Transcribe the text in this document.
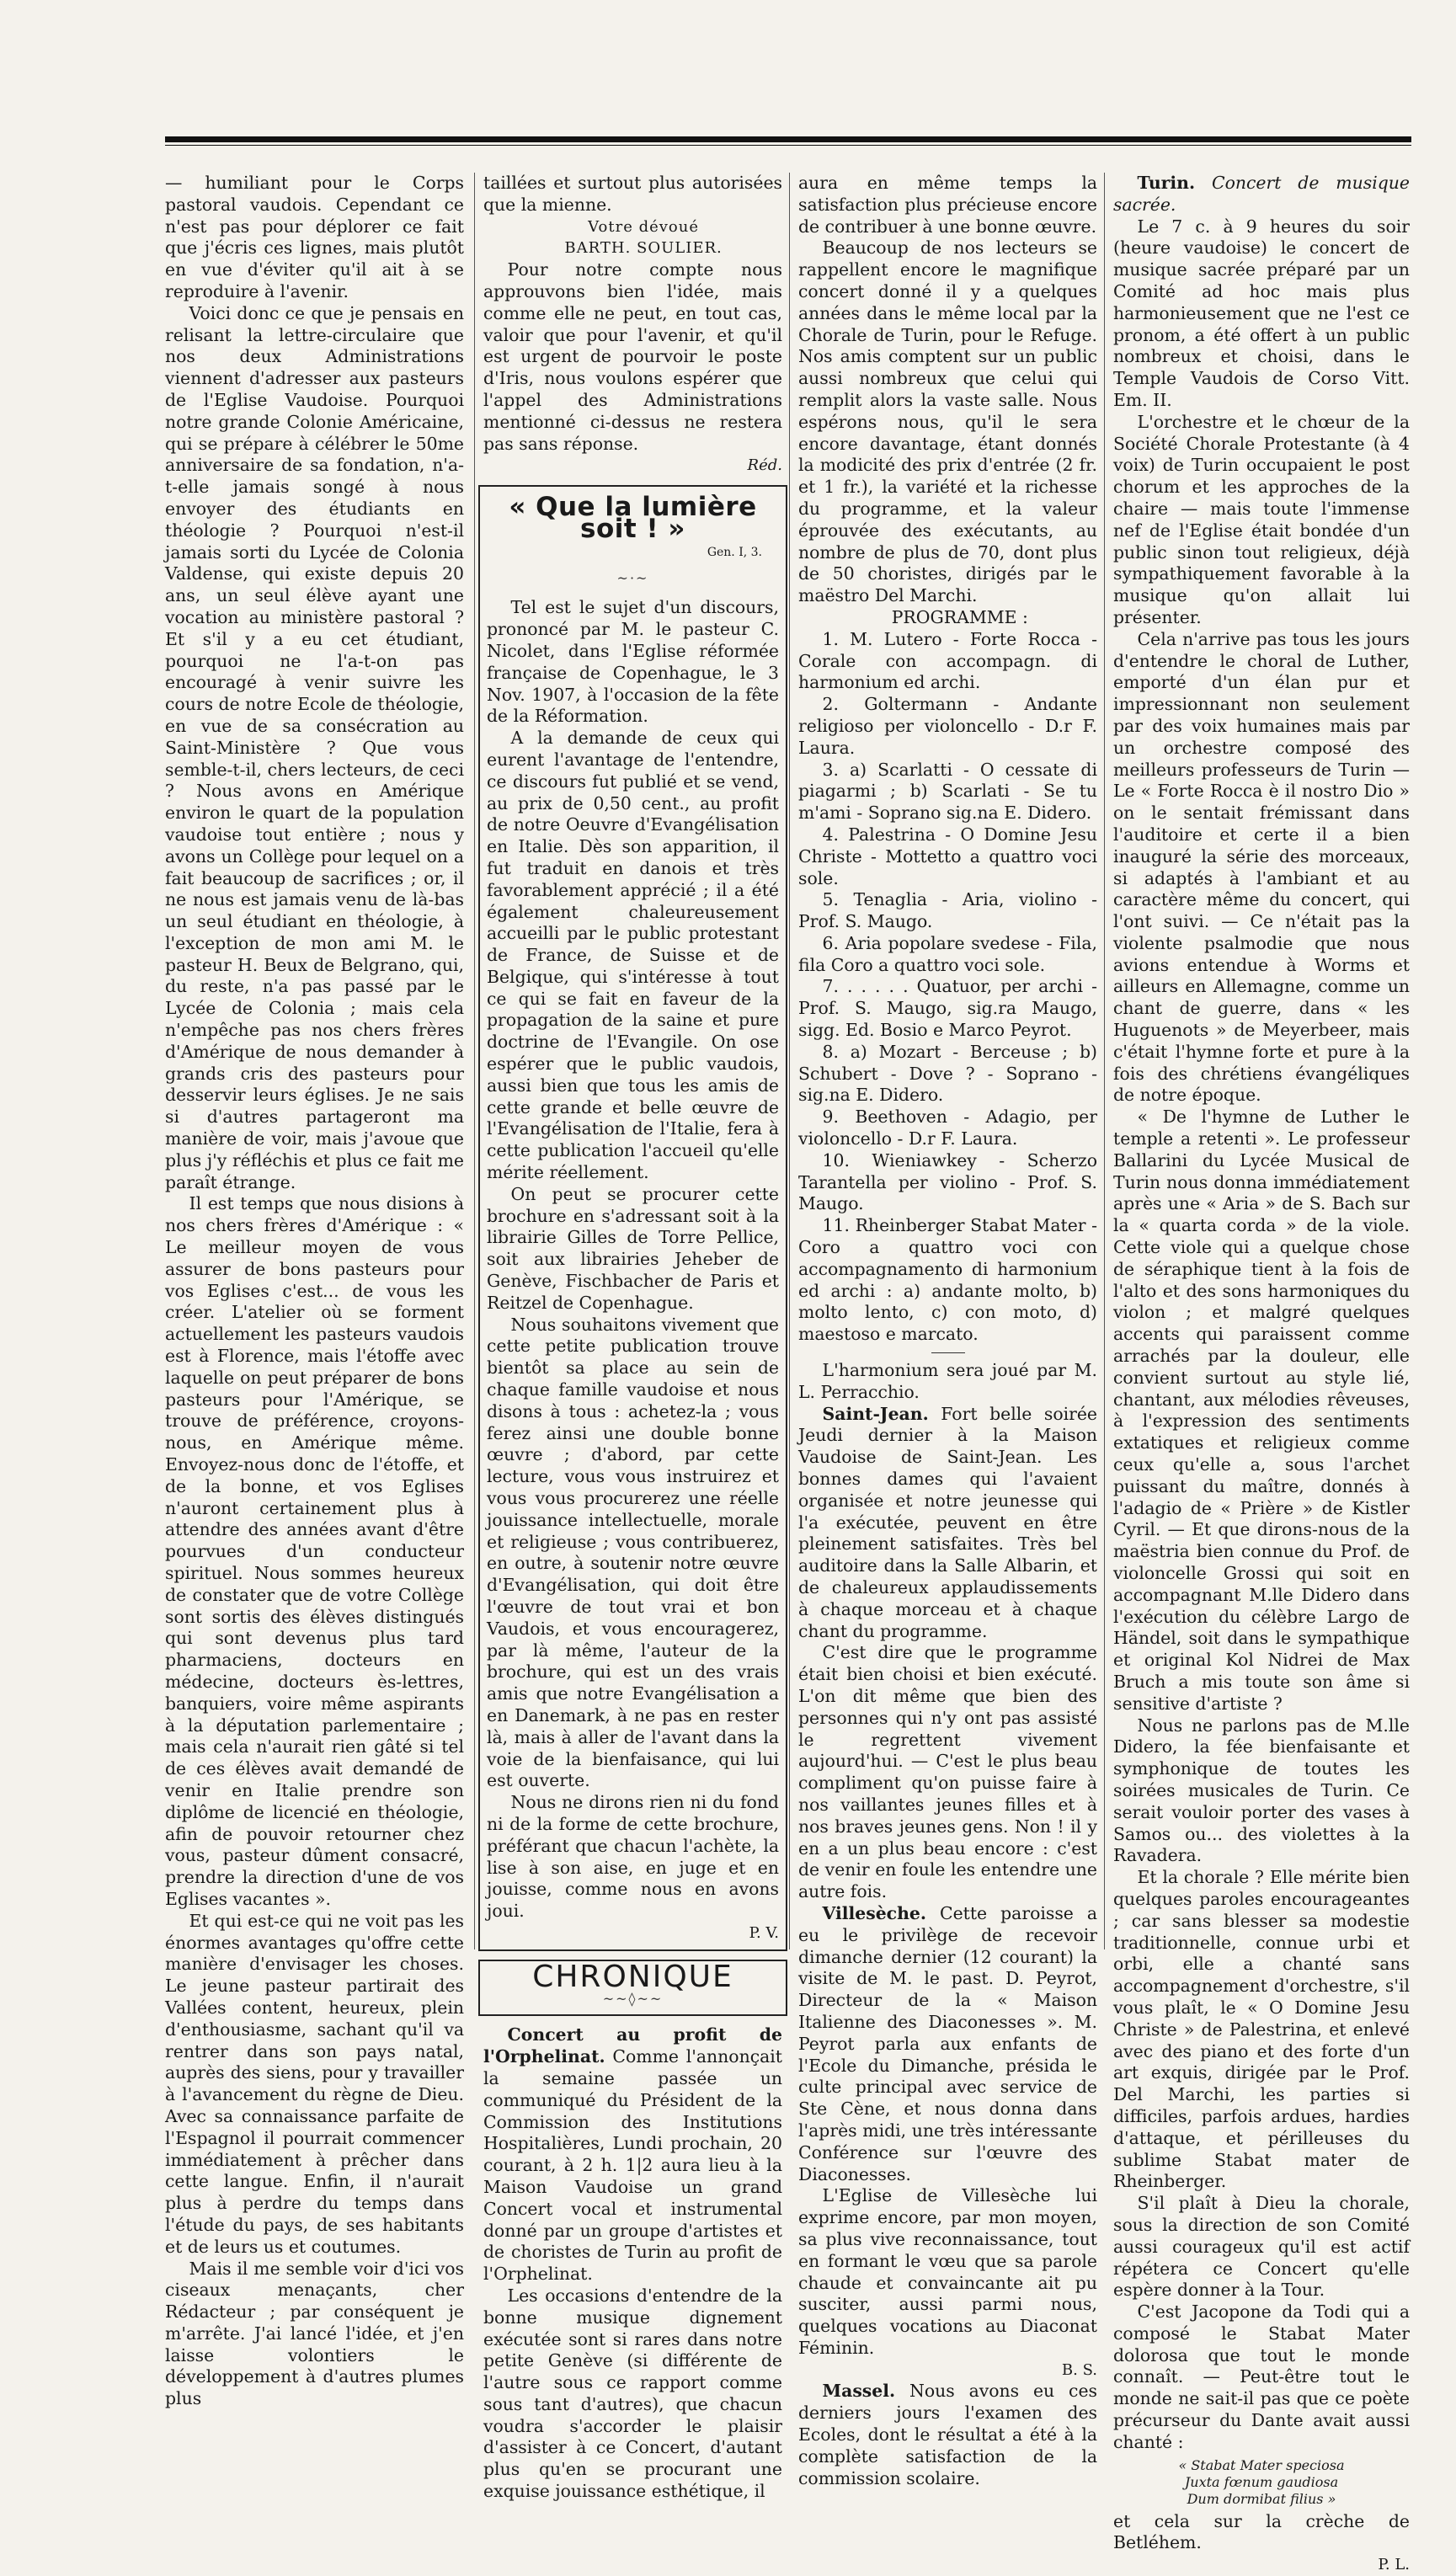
— humiliant pour le Corps pastoral vaudois. Cependant ce n'est pas pour déplorer ce fait que j'écris ces lignes, mais plutôt en vue d'éviter qu'il ait à se reproduire à l'avenir.

Voici donc ce que je pensais en relisant la lettre-circulaire que nos deux Administrations viennent d'adresser aux pasteurs de l'Eglise Vaudoise. Pourquoi notre grande Colonie Américaine, qui se prépare à célébrer le 50me anniversaire de sa fondation, n'a-t-elle jamais songé à nous envoyer des étudiants en théologie ? Pourquoi n'est-il jamais sorti du Lycée de Colonia Valdense, qui existe depuis 20 ans, un seul élève ayant une vocation au ministère pastoral ? Et s'il y a eu cet étudiant, pourquoi ne l'a-t-on pas encouragé à venir suivre les cours de notre Ecole de théologie, en vue de sa consécration au Saint-Ministère ? Que vous semble-t-il, chers lecteurs, de ceci ? Nous avons en Amérique environ le quart de la population vaudoise tout entière ; nous y avons un Collège pour lequel on a fait beaucoup de sacrifices ; or, il ne nous est jamais venu de là-bas un seul étudiant en théologie, à l'exception de mon ami M. le pasteur H. Beux de Belgrano, qui, du reste, n'a pas passé par le Lycée de Colonia ; mais cela n'empêche pas nos chers frères d'Amérique de nous demander à grands cris des pasteurs pour desservir leurs églises. Je ne sais si d'autres partageront ma manière de voir, mais j'avoue que plus j'y réfléchis et plus ce fait me paraît étrange.

Il est temps que nous disions à nos chers frères d'Amérique : « Le meilleur moyen de vous assurer de bons pasteurs pour vos Eglises c'est... de vous les créer. L'atelier où se forment actuellement les pasteurs vaudois est à Florence, mais l'étoffe avec laquelle on peut préparer de bons pasteurs pour l'Amérique, se trouve de préférence, croyons-nous, en Amérique même. Envoyez-nous donc de l'étoffe, et de la bonne, et vos Eglises n'auront certainement plus à attendre des années avant d'être pourvues d'un conducteur spirituel. Nous sommes heureux de constater que de votre Collège sont sortis des élèves distingués qui sont devenus plus tard pharmaciens, docteurs en médecine, docteurs ès-lettres, banquiers, voire même aspirants à la députation parlementaire ; mais cela n'aurait rien gâté si tel de ces élèves avait demandé de venir en Italie prendre son diplôme de licencié en théologie, afin de pouvoir retourner chez vous, pasteur dûment consacré, prendre la direction d'une de vos Eglises vacantes ».

Et qui est-ce qui ne voit pas les énormes avantages qu'offre cette manière d'envisager les choses. Le jeune pasteur partirait des Vallées content, heureux, plein d'enthousiasme, sachant qu'il va rentrer dans son pays natal, auprès des siens, pour y travailler à l'avancement du règne de Dieu. Avec sa connaissance parfaite de l'Espagnol il pourrait commencer immédiatement à prêcher dans cette langue. Enfin, il n'aurait plus à perdre du temps dans l'étude du pays, de ses habitants et de leurs us et coutumes.

Mais il me semble voir d'ici vos ciseaux menaçants, cher Rédacteur ; par conséquent je m'arrête. J'ai lancé l'idée, et j'en laisse volontiers le développement à d'autres plumes plus

taillées et surtout plus autorisées que la mienne.

Votre dévoué

BARTH. SOULIER.

Pour notre compte nous approuvons bien l'idée, mais comme elle ne peut, en tout cas, valoir que pour l'avenir, et qu'il est urgent de pourvoir le poste d'Iris, nous voulons espérer que l'appel des Administrations mentionné ci-dessus ne restera pas sans réponse.

Réd.

« Que la lumière soit ! »
Gen. I, 3.
~·~

Tel est le sujet d'un discours, prononcé par M. le pasteur C. Nicolet, dans l'Eglise réformée française de Copenhague, le 3 Nov. 1907, à l'occasion de la fête de la Réformation.

A la demande de ceux qui eurent l'avantage de l'entendre, ce discours fut publié et se vend, au prix de 0,50 cent., au profit de notre Oeuvre d'Evangélisation en Italie. Dès son apparition, il fut traduit en danois et très favorablement apprécié ; il a été également chaleureusement accueilli par le public protestant de France, de Suisse et de Belgique, qui s'intéresse à tout ce qui se fait en faveur de la propagation de la saine et pure doctrine de l'Evangile. On ose espérer que le public vaudois, aussi bien que tous les amis de cette grande et belle œuvre de l'Evangélisation de l'Italie, fera à cette publication l'accueil qu'elle mérite réellement.

On peut se procurer cette brochure en s'adressant soit à la librairie Gilles de Torre Pellice, soit aux librairies Jeheber de Genève, Fischbacher de Paris et Reitzel de Copenhague.

Nous souhaitons vivement que cette petite publication trouve bientôt sa place au sein de chaque famille vaudoise et nous disons à tous : achetez-la ; vous ferez ainsi une double bonne œuvre ; d'abord, par cette lecture, vous vous instruirez et vous vous procurerez une réelle jouissance intellectuelle, morale et religieuse ; vous contribuerez, en outre, à soutenir notre œuvre d'Evangélisation, qui doit être l'œuvre de tout vrai et bon Vaudois, et vous encouragerez, par là même, l'auteur de la brochure, qui est un des vrais amis que notre Evangélisation a en Danemark, à ne pas en rester là, mais à aller de l'avant dans la voie de la bienfaisance, qui lui est ouverte.

Nous ne dirons rien ni du fond ni de la forme de cette brochure, préférant que chacun l'achète, la lise à son aise, en juge et en jouisse, comme nous en avons joui.

P. V.

CHRONIQUE
~~◊~~

Concert au profit de l'Orphelinat. Comme l'annonçait la semaine passée un communiqué du Président de la Commission des Institutions Hospitalières, Lundi prochain, 20 courant, à 2 h. 1|2 aura lieu à la Maison Vaudoise un grand Concert vocal et instrumental donné par un groupe d'artistes et de choristes de Turin au profit de l'Orphelinat.

Les occasions d'entendre de la bonne musique dignement exécutée sont si rares dans notre petite Genève (si différente de l'autre sous ce rapport comme sous tant d'autres), que chacun voudra s'accorder le plaisir d'assister à ce Concert, d'autant plus qu'en se procurant une exquise jouissance esthétique, il

aura en même temps la satisfaction plus précieuse encore de contribuer à une bonne œuvre.

Beaucoup de nos lecteurs se rappellent encore le magnifique concert donné il y a quelques années dans le même local par la Chorale de Turin, pour le Refuge. Nos amis comptent sur un public aussi nombreux que celui qui remplit alors la vaste salle. Nous espérons nous, qu'il le sera encore davantage, étant donnés la modicité des prix d'entrée (2 fr. et 1 fr.), la variété et la richesse du programme, et la valeur éprouvée des exécutants, au nombre de plus de 70, dont plus de 50 choristes, dirigés par le maëstro Del Marchi.

PROGRAMME :

1. M. Lutero - Forte Rocca - Corale con accompagn. di harmonium ed archi.

2. Goltermann - Andante religioso per violoncello - D.r F. Laura.

3. a) Scarlatti - O cessate di piagarmi ; b) Scarlati - Se tu m'ami - Soprano sig.na E. Didero.

4. Palestrina - O Domine Jesu Christe - Mottetto a quattro voci sole.

5. Tenaglia - Aria, violino - Prof. S. Maugo.

6. Aria popolare svedese - Fila, fila Coro a quattro voci sole.

7. . . . . . Quatuor, per archi - Prof. S. Maugo, sig.ra Maugo, sigg. Ed. Bosio e Marco Peyrot.

8. a) Mozart - Berceuse ; b) Schubert - Dove ? - Soprano - sig.na E. Didero.

9. Beethoven - Adagio, per violoncello - D.r F. Laura.

10. Wieniawkey - Scherzo Tarantella per violino - Prof. S. Maugo.

11. Rheinberger Stabat Mater - Coro a quattro voci con accompagnamento di harmonium ed archi : a) andante molto, b) molto lento, c) con moto, d) maestoso e marcato.

L'harmonium sera joué par M. L. Perracchio.

Saint-Jean. Fort belle soirée Jeudi dernier à la Maison Vaudoise de Saint-Jean. Les bonnes dames qui l'avaient organisée et notre jeunesse qui l'a exécutée, peuvent en être pleinement satisfaites. Très bel auditoire dans la Salle Albarin, et de chaleureux applaudissements à chaque morceau et à chaque chant du programme.

C'est dire que le programme était bien choisi et bien exécuté. L'on dit même que bien des personnes qui n'y ont pas assisté le regrettent vivement aujourd'hui. — C'est le plus beau compliment qu'on puisse faire à nos vaillantes jeunes filles et à nos braves jeunes gens. Non ! il y en a un plus beau encore : c'est de venir en foule les entendre une autre fois.

Villesèche. Cette paroisse a eu le privilège de recevoir dimanche dernier (12 courant) la visite de M. le past. D. Peyrot, Directeur de la « Maison Italienne des Diaconesses ». M. Peyrot parla aux enfants de l'Ecole du Dimanche, présida le culte principal avec service de Ste Cène, et nous donna dans l'après midi, une très intéressante Conférence sur l'œuvre des Diaconesses.

L'Eglise de Villesèche lui exprime encore, par mon moyen, sa plus vive reconnaissance, tout en formant le vœu que sa parole chaude et convaincante ait pu susciter, aussi parmi nous, quelques vocations au Diaconat Féminin.

B. S.

Massel. Nous avons eu ces derniers jours l'examen des Ecoles, dont le résultat a été à la complète satisfaction de la commission scolaire.

Turin. Concert de musique sacrée.

Le 7 c. à 9 heures du soir (heure vaudoise) le concert de musique sacrée préparé par un Comité ad hoc mais plus harmonieusement que ne l'est ce pronom, a été offert à un public nombreux et choisi, dans le Temple Vaudois de Corso Vitt. Em. II.

L'orchestre et le chœur de la Société Chorale Protestante (à 4 voix) de Turin occupaient le post chorum et les approches de la chaire — mais toute l'immense nef de l'Eglise était bondée d'un public sinon tout religieux, déjà sympathiquement favorable à la musique qu'on allait lui présenter.

Cela n'arrive pas tous les jours d'entendre le choral de Luther, emporté d'un élan pur et impressionnant non seulement par des voix humaines mais par un orchestre composé des meilleurs professeurs de Turin — Le « Forte Rocca è il nostro Dio » on le sentait frémissant dans l'auditoire et certe il a bien inauguré la série des morceaux, si adaptés à l'ambiant et au caractère même du concert, qui l'ont suivi. — Ce n'était pas la violente psalmodie que nous avions entendue à Worms et ailleurs en Allemagne, comme un chant de guerre, dans « les Huguenots » de Meyerbeer, mais c'était l'hymne forte et pure à la fois des chrétiens évangéliques de notre époque.

« De l'hymne de Luther le temple a retenti ». Le professeur Ballarini du Lycée Musical de Turin nous donna immédiatement après une « Aria » de S. Bach sur la « quarta corda » de la viole. Cette viole qui a quelque chose de séraphique tient à la fois de l'alto et des sons harmoniques du violon ; et malgré quelques accents qui paraissent comme arrachés par la douleur, elle convient surtout au style lié, chantant, aux mélodies rêveuses, à l'expression des sentiments extatiques et religieux comme ceux qu'elle a, sous l'archet puissant du maître, donnés à l'adagio de « Prière » de Kistler Cyril. — Et que dirons-nous de la maëstria bien connue du Prof. de violoncelle Grossi qui soit en accompagnant M.lle Didero dans l'exécution du célèbre Largo de Händel, soit dans le sympathique et original Kol Nidrei de Max Bruch a mis toute son âme si sensitive d'artiste ?

Nous ne parlons pas de M.lle Didero, la fée bienfaisante et symphonique de toutes les soirées musicales de Turin. Ce serait vouloir porter des vases à Samos ou... des violettes à la Ravadera.

Et la chorale ? Elle mérite bien quelques paroles encourageantes ; car sans blesser sa modestie traditionnelle, connue urbi et orbi, elle a chanté sans accompagnement d'orchestre, s'il vous plaît, le « O Domine Jesu Christe » de Palestrina, et enlevé avec des piano et des forte d'un art exquis, dirigée par le Prof. Del Marchi, les parties si difficiles, parfois ardues, hardies d'attaque, et périlleuses du sublime Stabat mater de Rheinberger.

S'il plaît à Dieu la chorale, sous la direction de son Comité aussi courageux qu'il est actif répétera ce Concert qu'elle espère donner à la Tour.

C'est Jacopone da Todi qui a composé le Stabat Mater dolorosa que tout le monde connaît. — Peut-être tout le monde ne sait-il pas que ce poète précurseur du Dante avait aussi chanté :

« Stabat Mater speciosa
Juxta fœnum gaudiosa
Dum dormibat filius »

et cela sur la crèche de Betléhem.

P. L.
